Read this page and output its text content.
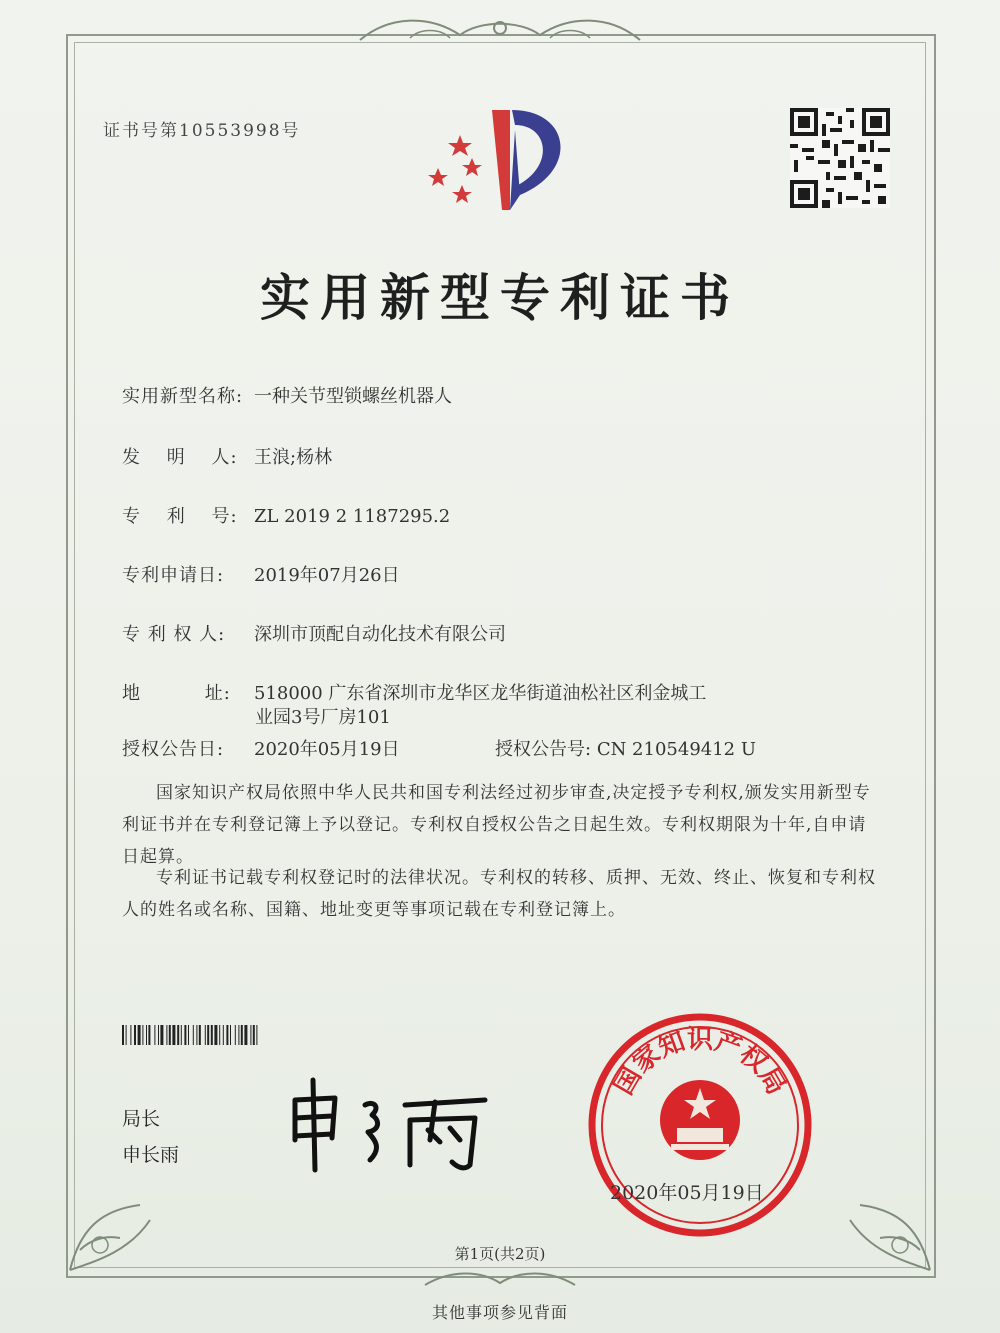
证书号第10553998号
实用新型专利证书
实用新型名称: 一种关节型锁螺丝机器人
发　 明　 人: 王浪;杨林
专　 利　 号: ZL 2019 2 1187295.2
专利申请日: 2019年07月26日
专 利 权 人: 深圳市顶配自动化技术有限公司
地　　　 址: 518000 广东省深圳市龙华区龙华街道油松社区利金城工
业园3号厂房101
授权公告日: 2020年05月19日	授权公告号: CN 210549412 U
国家知识产权局依照中华人民共和国专利法经过初步审查,决定授予专利权,颁发实用新型专利证书并在专利登记簿上予以登记。专利权自授权公告之日起生效。专利权期限为十年,自申请日起算。
专利证书记载专利权登记时的法律状况。专利权的转移、质押、无效、终止、恢复和专利权人的姓名或名称、国籍、地址变更等事项记载在专利登记簿上。
局长
申长雨
国家知识产权局
2020年05月19日
第1页(共2页)
其他事项参见背面
